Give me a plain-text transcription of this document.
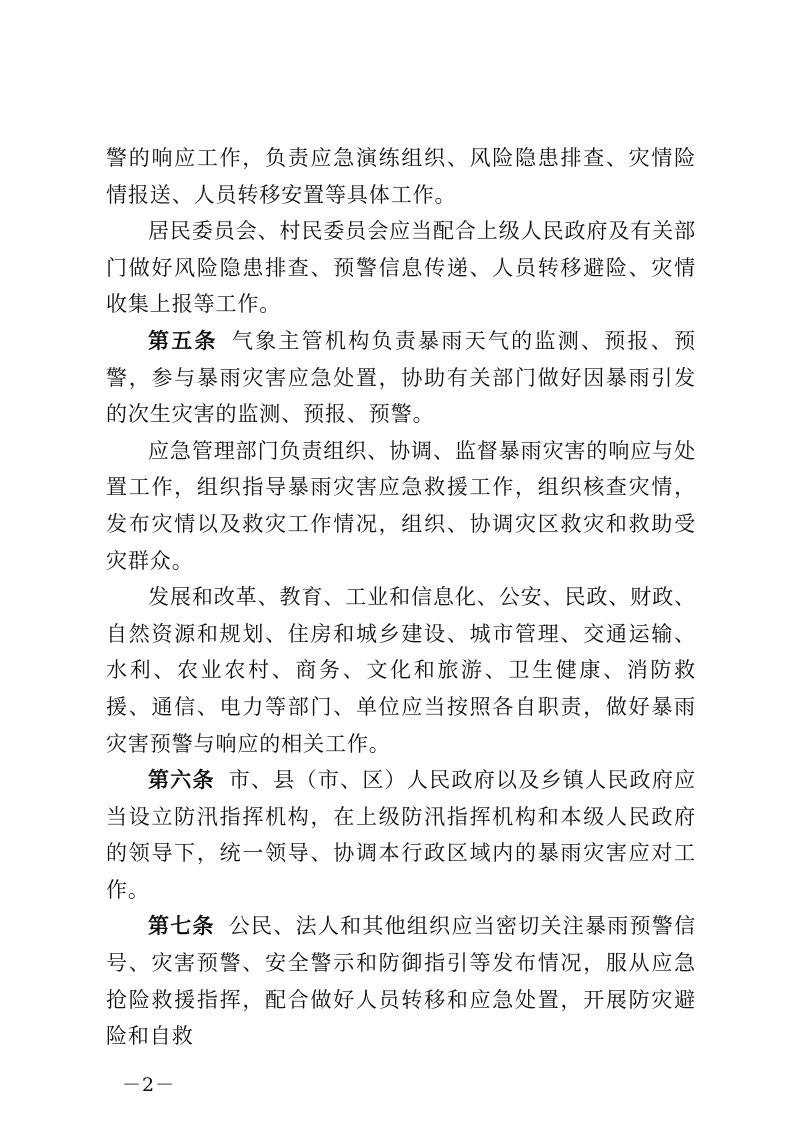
警的响应工作，负责应急演练组织、风险隐患排查、灾情险情报送、人员转移安置等具体工作。

居民委员会、村民委员会应当配合上级人民政府及有关部门做好风险隐患排查、预警信息传递、人员转移避险、灾情收集上报等工作。

第五条 气象主管机构负责暴雨天气的监测、预报、预警，参与暴雨灾害应急处置，协助有关部门做好因暴雨引发的次生灾害的监测、预报、预警。

应急管理部门负责组织、协调、监督暴雨灾害的响应与处置工作，组织指导暴雨灾害应急救援工作，组织核查灾情，发布灾情以及救灾工作情况，组织、协调灾区救灾和救助受灾群众。

发展和改革、教育、工业和信息化、公安、民政、财政、自然资源和规划、住房和城乡建设、城市管理、交通运输、水利、农业农村、商务、文化和旅游、卫生健康、消防救援、通信、电力等部门、单位应当按照各自职责，做好暴雨灾害预警与响应的相关工作。

第六条 市、县（市、区）人民政府以及乡镇人民政府应当设立防汛指挥机构，在上级防汛指挥机构和本级人民政府的领导下，统一领导、协调本行政区域内的暴雨灾害应对工作。

第七条 公民、法人和其他组织应当密切关注暴雨预警信号、灾害预警、安全警示和防御指引等发布情况，服从应急抢险救援指挥，配合做好人员转移和应急处置，开展防灾避险和自救

－2－
